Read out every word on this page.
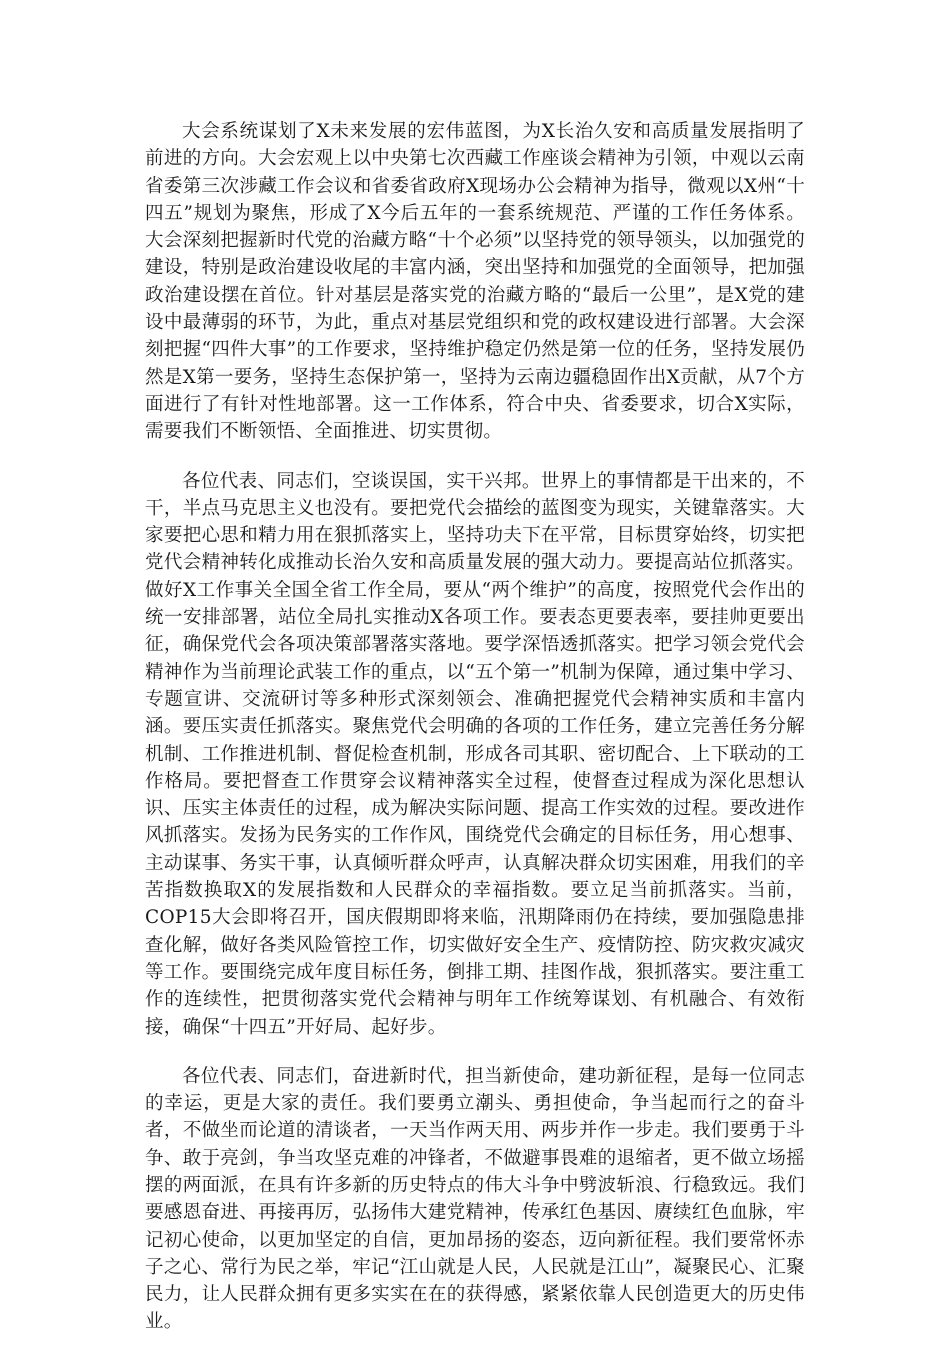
大会系统谋划了X未来发展的宏伟蓝图，为X长治久安和高质量发展指明了前进的方向。大会宏观上以中央第七次西藏工作座谈会精神为引领，中观以云南省委第三次涉藏工作会议和省委省政府X现场办公会精神为指导，微观以X州“十四五”规划为聚焦，形成了X今后五年的一套系统规范、严谨的工作任务体系。大会深刻把握新时代党的治藏方略“十个必须”以坚持党的领导领头，以加强党的建设，特别是政治建设收尾的丰富内涵，突出坚持和加强党的全面领导，把加强政治建设摆在首位。针对基层是落实党的治藏方略的“最后一公里”，是X党的建设中最薄弱的环节，为此，重点对基层党组织和党的政权建设进行部署。大会深刻把握“四件大事”的工作要求，坚持维护稳定仍然是第一位的任务，坚持发展仍然是X第一要务，坚持生态保护第一，坚持为云南边疆稳固作出X贡献，从7个方面进行了有针对性地部署。这一工作体系，符合中央、省委要求，切合X实际，需要我们不断领悟、全面推进、切实贯彻。

各位代表、同志们，空谈误国，实干兴邦。世界上的事情都是干出来的，不干，半点马克思主义也没有。要把党代会描绘的蓝图变为现实，关键靠落实。大家要把心思和精力用在狠抓落实上，坚持功夫下在平常，目标贯穿始终，切实把党代会精神转化成推动长治久安和高质量发展的强大动力。要提高站位抓落实。做好X工作事关全国全省工作全局，要从“两个维护”的高度，按照党代会作出的统一安排部署，站位全局扎实推动X各项工作。要表态更要表率，要挂帅更要出征，确保党代会各项决策部署落实落地。要学深悟透抓落实。把学习领会党代会精神作为当前理论武装工作的重点，以“五个第一”机制为保障，通过集中学习、专题宣讲、交流研讨等多种形式深刻领会、准确把握党代会精神实质和丰富内涵。要压实责任抓落实。聚焦党代会明确的各项的工作任务，建立完善任务分解机制、工作推进机制、督促检查机制，形成各司其职、密切配合、上下联动的工作格局。要把督查工作贯穿会议精神落实全过程，使督查过程成为深化思想认识、压实主体责任的过程，成为解决实际问题、提高工作实效的过程。要改进作风抓落实。发扬为民务实的工作作风，围绕党代会确定的目标任务，用心想事、主动谋事、务实干事，认真倾听群众呼声，认真解决群众切实困难，用我们的辛苦指数换取X的发展指数和人民群众的幸福指数。要立足当前抓落实。当前，COP15大会即将召开，国庆假期即将来临，汛期降雨仍在持续，要加强隐患排查化解，做好各类风险管控工作，切实做好安全生产、疫情防控、防灾救灾减灾等工作。要围绕完成年度目标任务，倒排工期、挂图作战，狠抓落实。要注重工作的连续性，把贯彻落实党代会精神与明年工作统筹谋划、有机融合、有效衔接，确保“十四五”开好局、起好步。

各位代表、同志们，奋进新时代，担当新使命，建功新征程，是每一位同志的幸运，更是大家的责任。我们要勇立潮头、勇担使命，争当起而行之的奋斗者，不做坐而论道的清谈者，一天当作两天用、两步并作一步走。我们要勇于斗争、敢于亮剑，争当攻坚克难的冲锋者，不做避事畏难的退缩者，更不做立场摇摆的两面派，在具有许多新的历史特点的伟大斗争中劈波斩浪、行稳致远。我们要感恩奋进、再接再厉，弘扬伟大建党精神，传承红色基因、赓续红色血脉，牢记初心使命，以更加坚定的自信，更加昂扬的姿态，迈向新征程。我们要常怀赤子之心、常行为民之举，牢记“江山就是人民，人民就是江山”，凝聚民心、汇聚民力，让人民群众拥有更多实实在在的获得感，紧紧依靠人民创造更大的历史伟业。
